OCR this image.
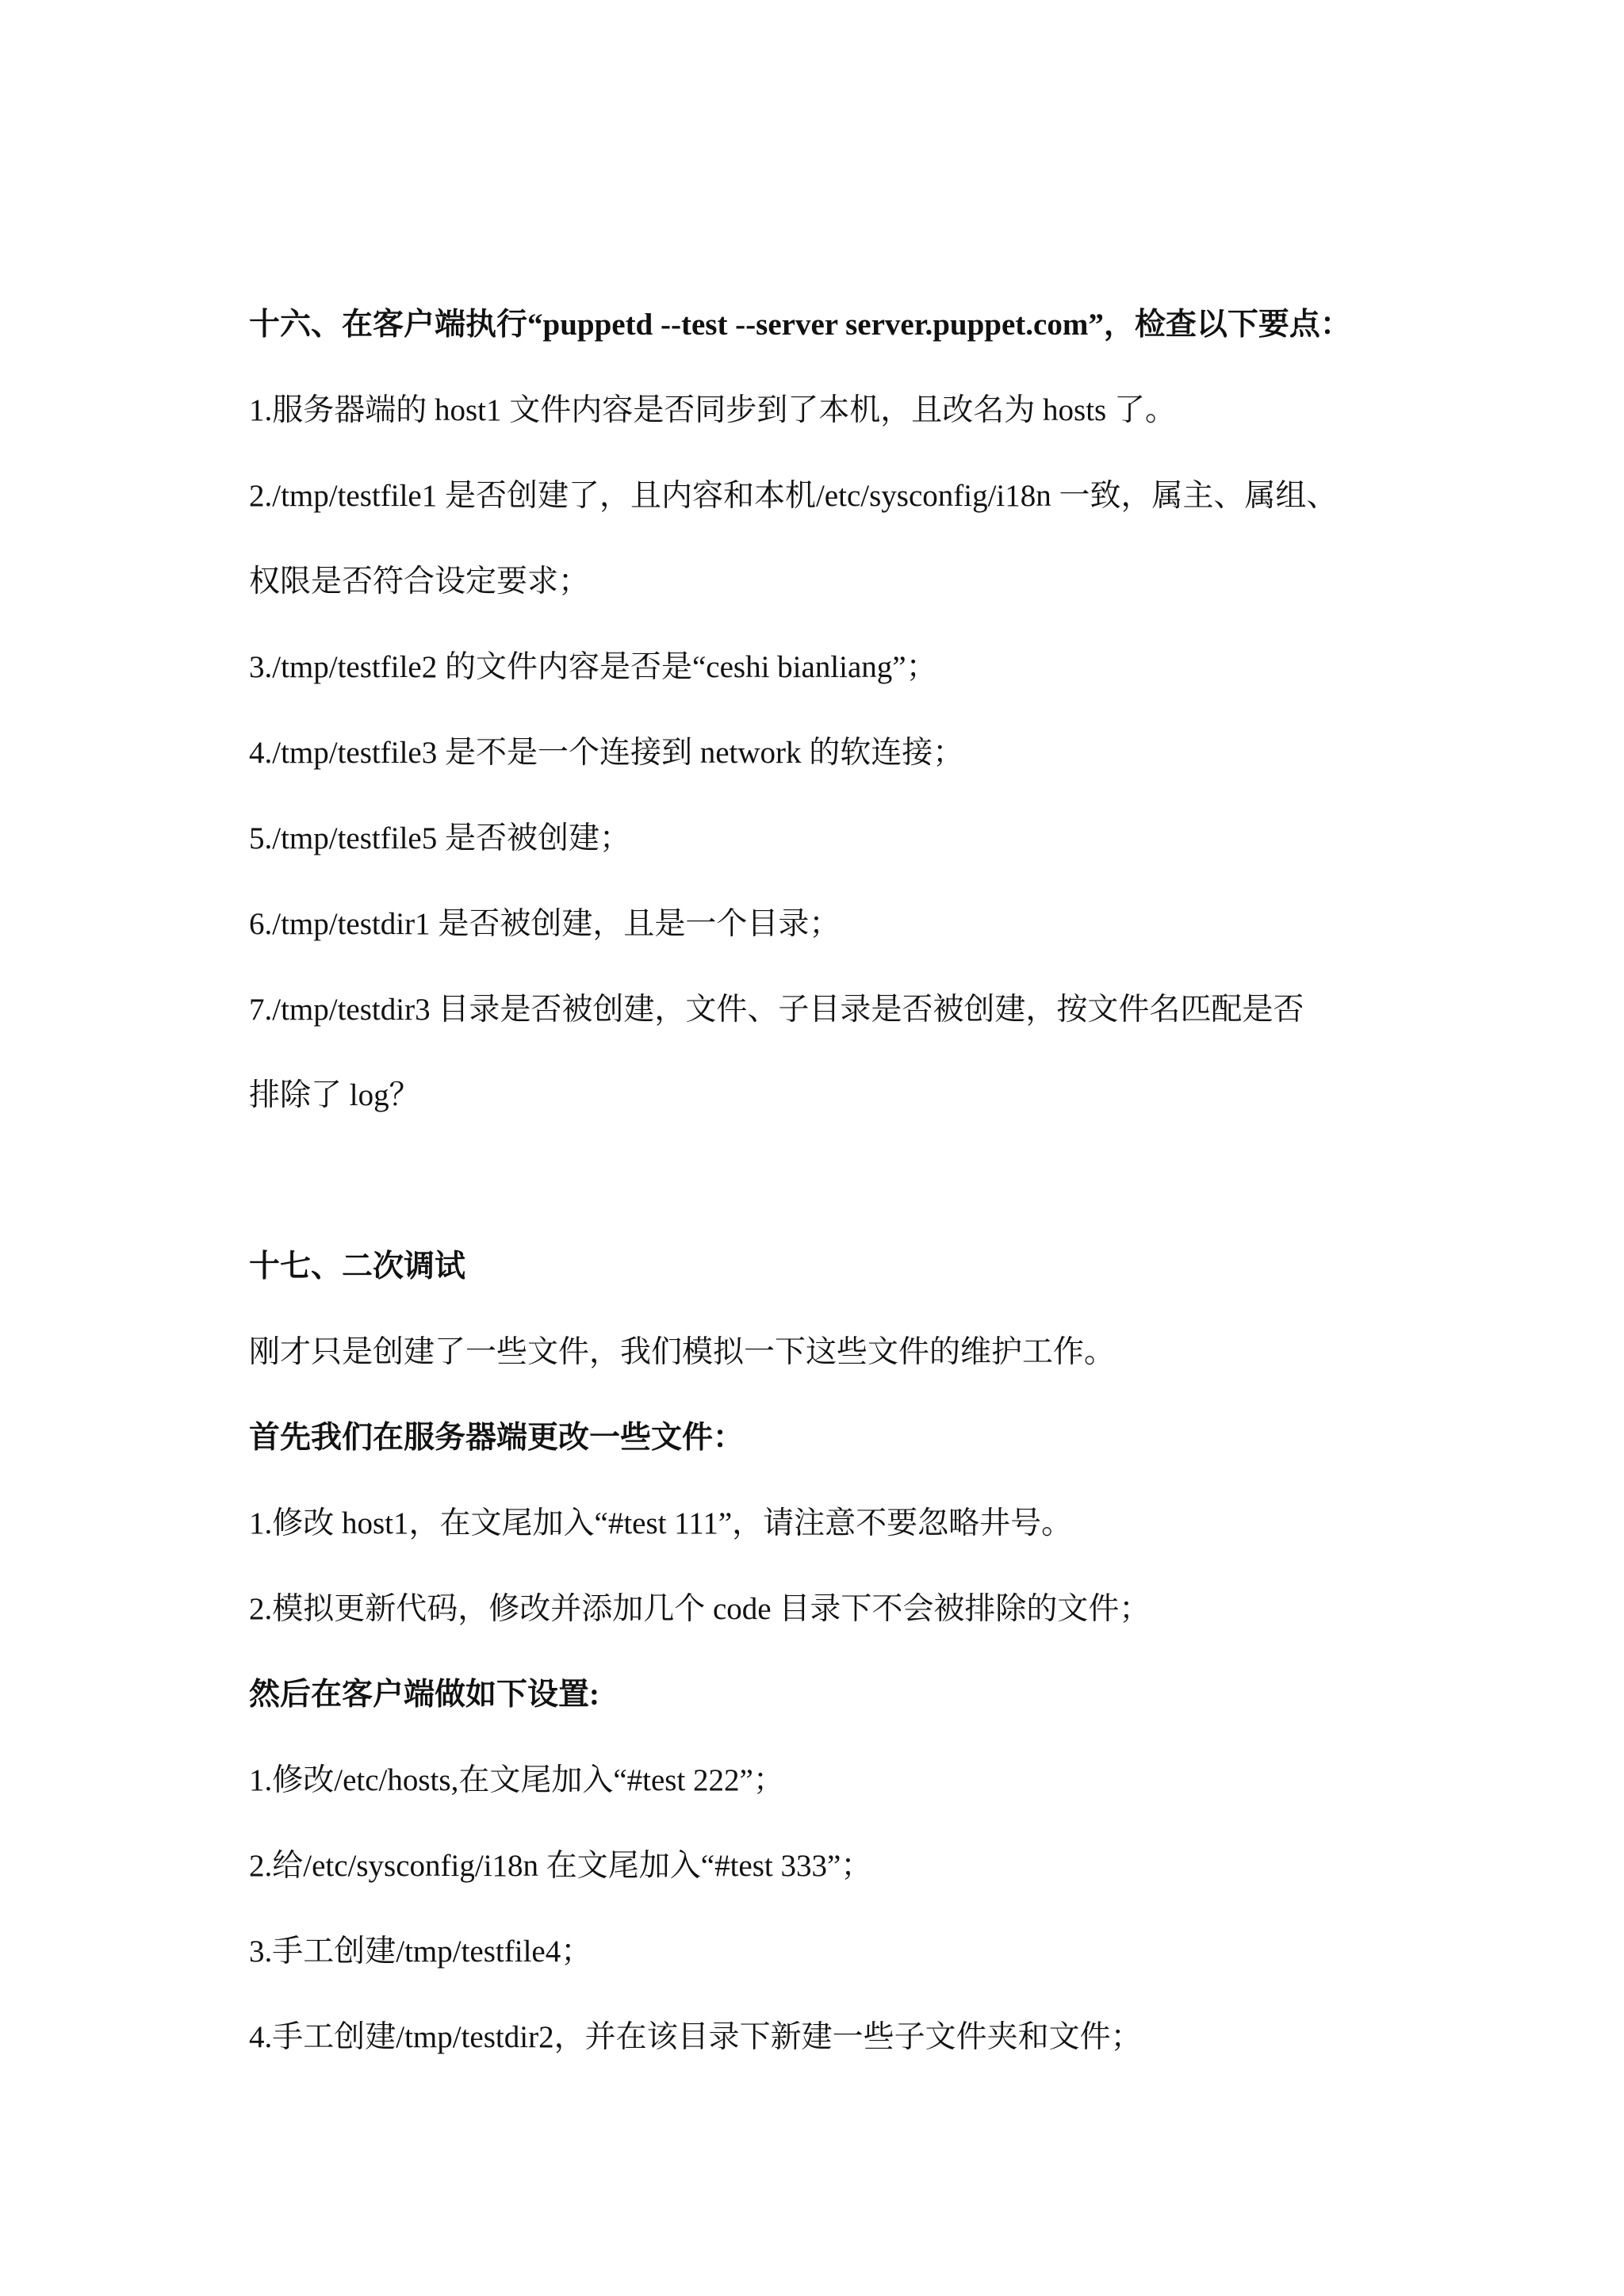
十六、在客户端执行“puppetd --test --server server.puppet.com”，检查以下要点：
1.服务器端的 host1 文件内容是否同步到了本机，且改名为 hosts 了。
2./tmp/testfile1 是否创建了，且内容和本机/etc/sysconfig/i18n 一致，属主、属组、
权限是否符合设定要求；
3./tmp/testfile2 的文件内容是否是“ceshi bianliang”；
4./tmp/testfile3 是不是一个连接到 network 的软连接；
5./tmp/testfile5 是否被创建；
6./tmp/testdir1 是否被创建，且是一个目录；
7./tmp/testdir3 目录是否被创建，文件、子目录是否被创建，按文件名匹配是否
排除了 log？
十七、二次调试
刚才只是创建了一些文件，我们模拟一下这些文件的维护工作。
首先我们在服务器端更改一些文件：
1.修改 host1，在文尾加入“#test 111”，请注意不要忽略井号。
2.模拟更新代码，修改并添加几个 code 目录下不会被排除的文件；
然后在客户端做如下设置:
1.修改/etc/hosts,在文尾加入“#test 222”；
2.给/etc/sysconfig/i18n 在文尾加入“#test 333”；
3.手工创建/tmp/testfile4；
4.手工创建/tmp/testdir2，并在该目录下新建一些子文件夹和文件；
